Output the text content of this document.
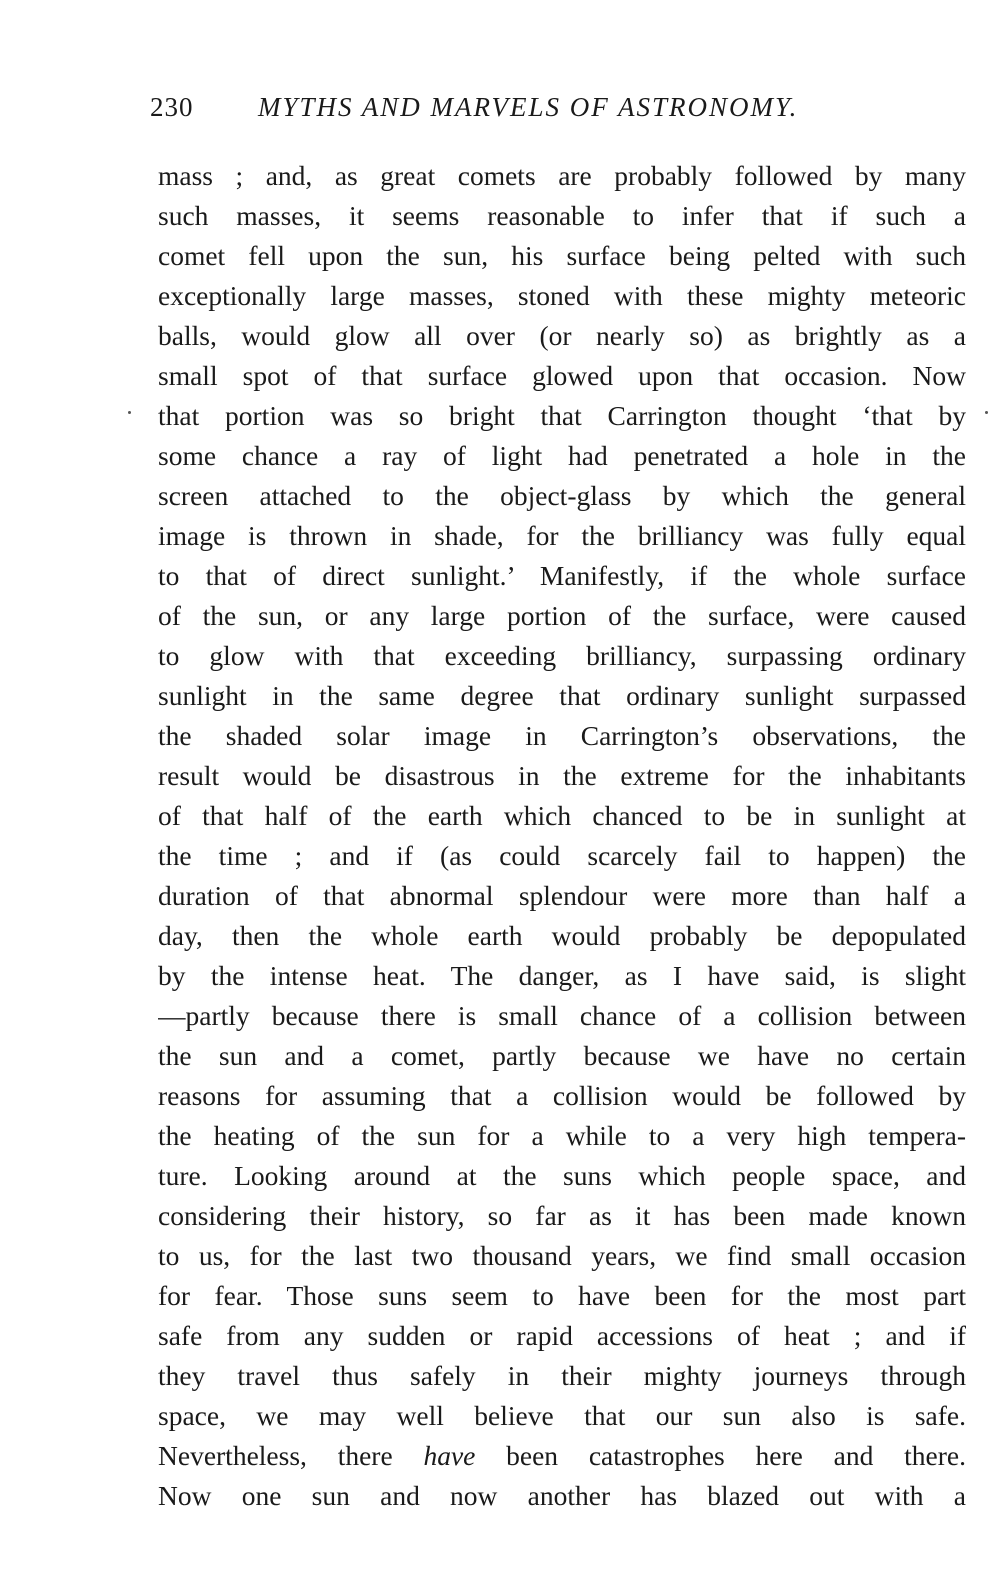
230 MYTHS AND MARVELS OF ASTRONOMY.
mass ; and, as great comets are probably followed by many
such masses, it seems reasonable to infer that if such a
comet fell upon the sun, his surface being pelted with such
exceptionally large masses, stoned with these mighty meteoric
balls, would glow all over (or nearly so) as brightly as a
small spot of that surface glowed upon that occasion. Now
that portion was so bright that Carrington thought ‘that by
some chance a ray of light had penetrated a hole in the
screen attached to the object-glass by which the general
image is thrown in shade, for the brilliancy was fully equal
to that of direct sunlight.’ Manifestly, if the whole surface
of the sun, or any large portion of the surface, were caused
to glow with that exceeding brilliancy, surpassing ordinary
sunlight in the same degree that ordinary sunlight surpassed
the shaded solar image in Carrington’s observations, the
result would be disastrous in the extreme for the inhabitants
of that half of the earth which chanced to be in sunlight at
the time ; and if (as could scarcely fail to happen) the
duration of that abnormal splendour were more than half a
day, then the whole earth would probably be depopulated
by the intense heat. The danger, as I have said, is slight
—partly because there is small chance of a collision between
the sun and a comet, partly because we have no certain
reasons for assuming that a collision would be followed by
the heating of the sun for a while to a very high tempera-
ture. Looking around at the suns which people space, and
considering their history, so far as it has been made known
to us, for the last two thousand years, we find small occasion
for fear. Those suns seem to have been for the most part
safe from any sudden or rapid accessions of heat ; and if
they travel thus safely in their mighty journeys through
space, we may well believe that our sun also is safe.
Nevertheless, there have been catastrophes here and there.
Now one sun and now another has blazed out with a
